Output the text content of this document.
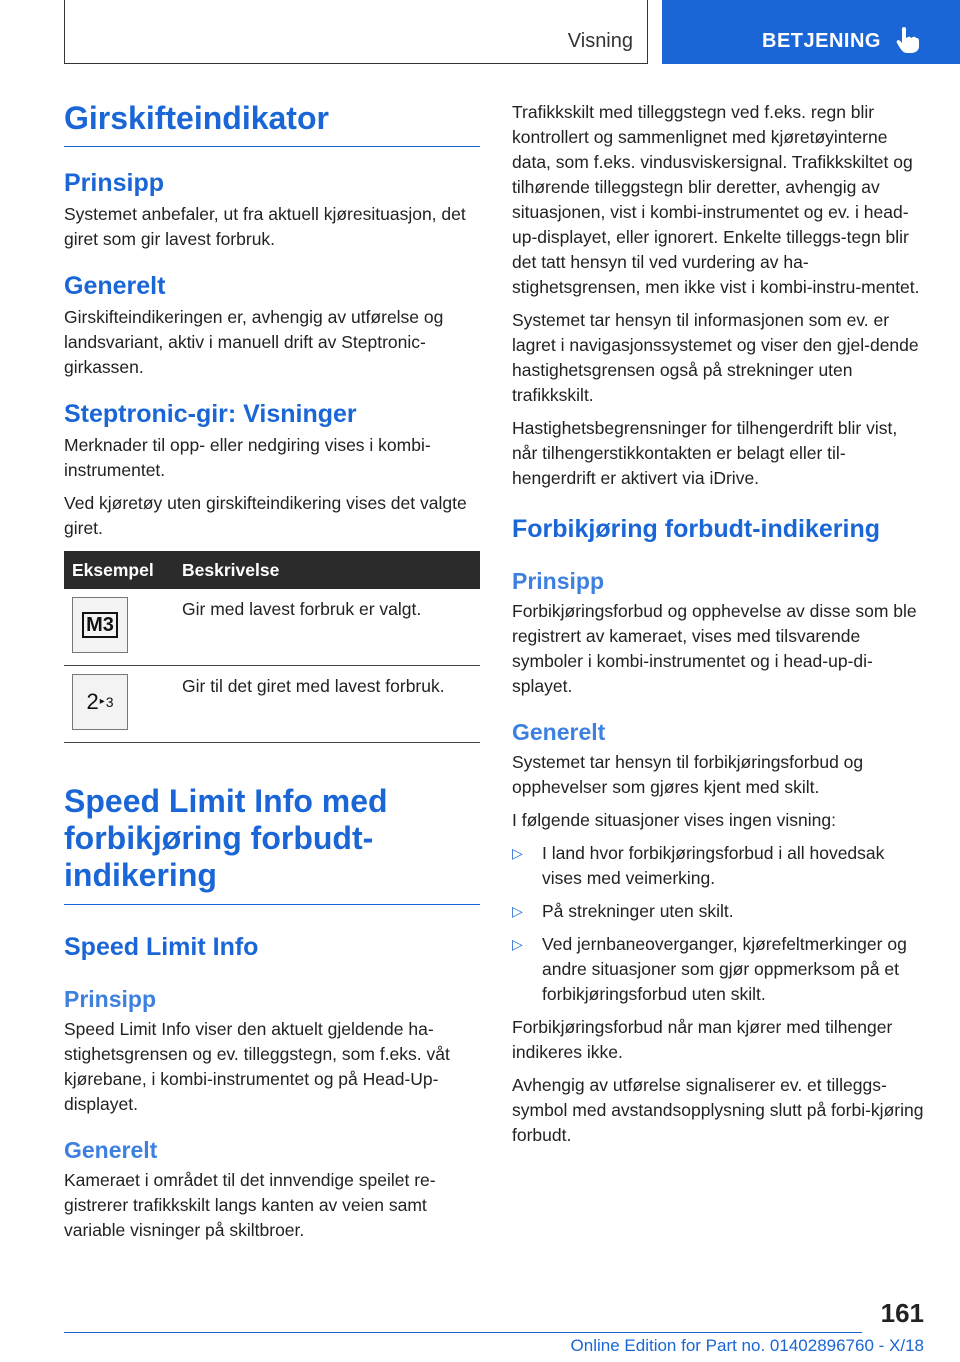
Visning	BETJENING
Girskifteindikator
Prinsipp

Systemet anbefaler, ut fra aktuell kjøresituasjon, det giret som gir lavest forbruk.

Generelt

Girskifteindikeringen er, avhengig av utførelse og landsvariant, aktiv i manuell drift av Steptronic-girkassen.

Steptronic-gir: Visninger

Merknader til opp- eller nedgiring vises i kombi-instrumentet.

Ved kjøretøy uten girskifteindikering vises det valgte giret.

Eksempel	Beskrivelse

M3	Gir med lavest forbruk er valgt.

2 ▸ 3	Gir til det giret med lavest forbruk.
Speed Limit Info med forbikjøring forbudt-indikering
Speed Limit Info
Prinsipp

Speed Limit Info viser den aktuelt gjeldende ha-stighetsgrensen og ev. tilleggstegn, som f.eks. våt kjørebane, i kombi-instrumentet og på Head-Up-displayet.

Generelt

Kameraet i området til det innvendige speilet re-gistrerer trafikkskilt langs kanten av veien samt variable visninger på skiltbroer.

Trafikkskilt med tilleggstegn ved f.eks. regn blir kontrollert og sammenlignet med kjøretøyinterne data, som f.eks. vindusviskersignal. Trafikkskiltet og tilhørende tilleggstegn blir deretter, avhengig av situasjonen, vist i kombi-instrumentet og ev. i head-up-displayet, eller ignorert. Enkelte tilleggs-tegn blir det tatt hensyn til ved vurdering av ha-stighetsgrensen, men ikke vist i kombi-instru-mentet.

Systemet tar hensyn til informasjonen som ev. er lagret i navigasjonssystemet og viser den gjel-dende hastighetsgrensen også på strekninger uten trafikkskilt.

Hastighetsbegrensninger for tilhengerdrift blir vist, når tilhengerstikkontakten er belagt eller til-hengerdrift er aktivert via iDrive.

Forbikjøring forbudt-indikering
Prinsipp

Forbikjøringsforbud og opphevelse av disse som ble registrert av kameraet, vises med tilsvarende symboler i kombi-instrumentet og i head-up-di-splayet.

Generelt

Systemet tar hensyn til forbikjøringsforbud og opphevelser som gjøres kjent med skilt.

I følgende situasjoner vises ingen visning:

▷ I land hvor forbikjøringsforbud i all hovedsak vises med veimerking.
▷ På strekninger uten skilt.
▷ Ved jernbaneoverganger, kjørefeltmerkinger og andre situasjoner som gjør oppmerksom på et forbikjøringsforbud uten skilt.

Forbikjøringsforbud når man kjører med tilhenger indikeres ikke.

Avhengig av utførelse signaliserer ev. et tilleggs-symbol med avstandsopplysning slutt på forbi-kjøring forbudt.

161
Online Edition for Part no. 01402896760 - X/18
